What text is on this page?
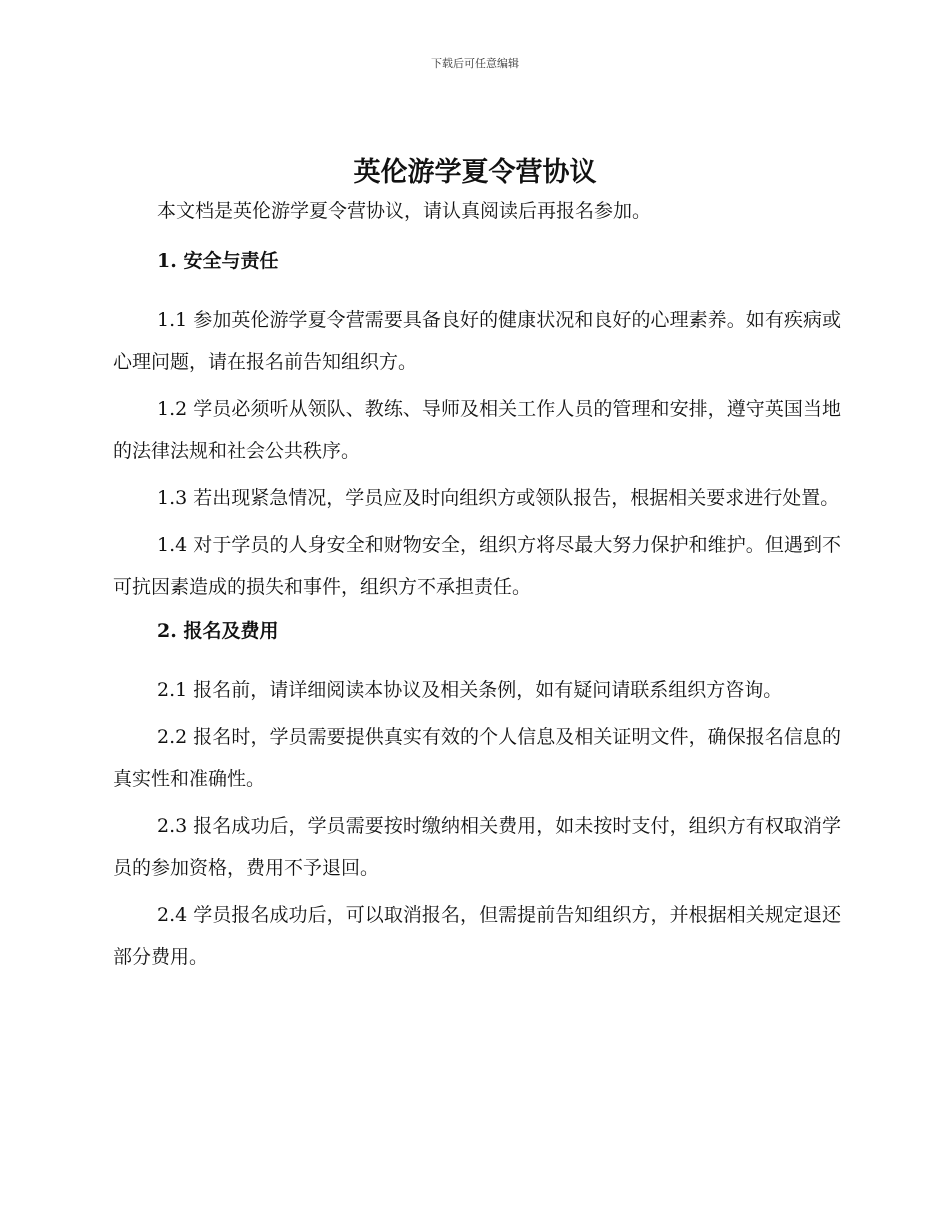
下载后可任意编辑
英伦游学夏令营协议

本文档是英伦游学夏令营协议，请认真阅读后再报名参加。

1. 安全与责任

1.1 参加英伦游学夏令营需要具备良好的健康状况和良好的心理素养。如有疾病或心理问题，请在报名前告知组织方。

1.2 学员必须听从领队、教练、导师及相关工作人员的管理和安排，遵守英国当地的法律法规和社会公共秩序。

1.3 若出现紧急情况，学员应及时向组织方或领队报告，根据相关要求进行处置。

1.4 对于学员的人身安全和财物安全，组织方将尽最大努力保护和维护。但遇到不可抗因素造成的损失和事件，组织方不承担责任。

2. 报名及费用

2.1 报名前，请详细阅读本协议及相关条例，如有疑问请联系组织方咨询。

2.2 报名时，学员需要提供真实有效的个人信息及相关证明文件，确保报名信息的真实性和准确性。

2.3 报名成功后，学员需要按时缴纳相关费用，如未按时支付，组织方有权取消学员的参加资格，费用不予退回。

2.4 学员报名成功后，可以取消报名，但需提前告知组织方，并根据相关规定退还部分费用。
